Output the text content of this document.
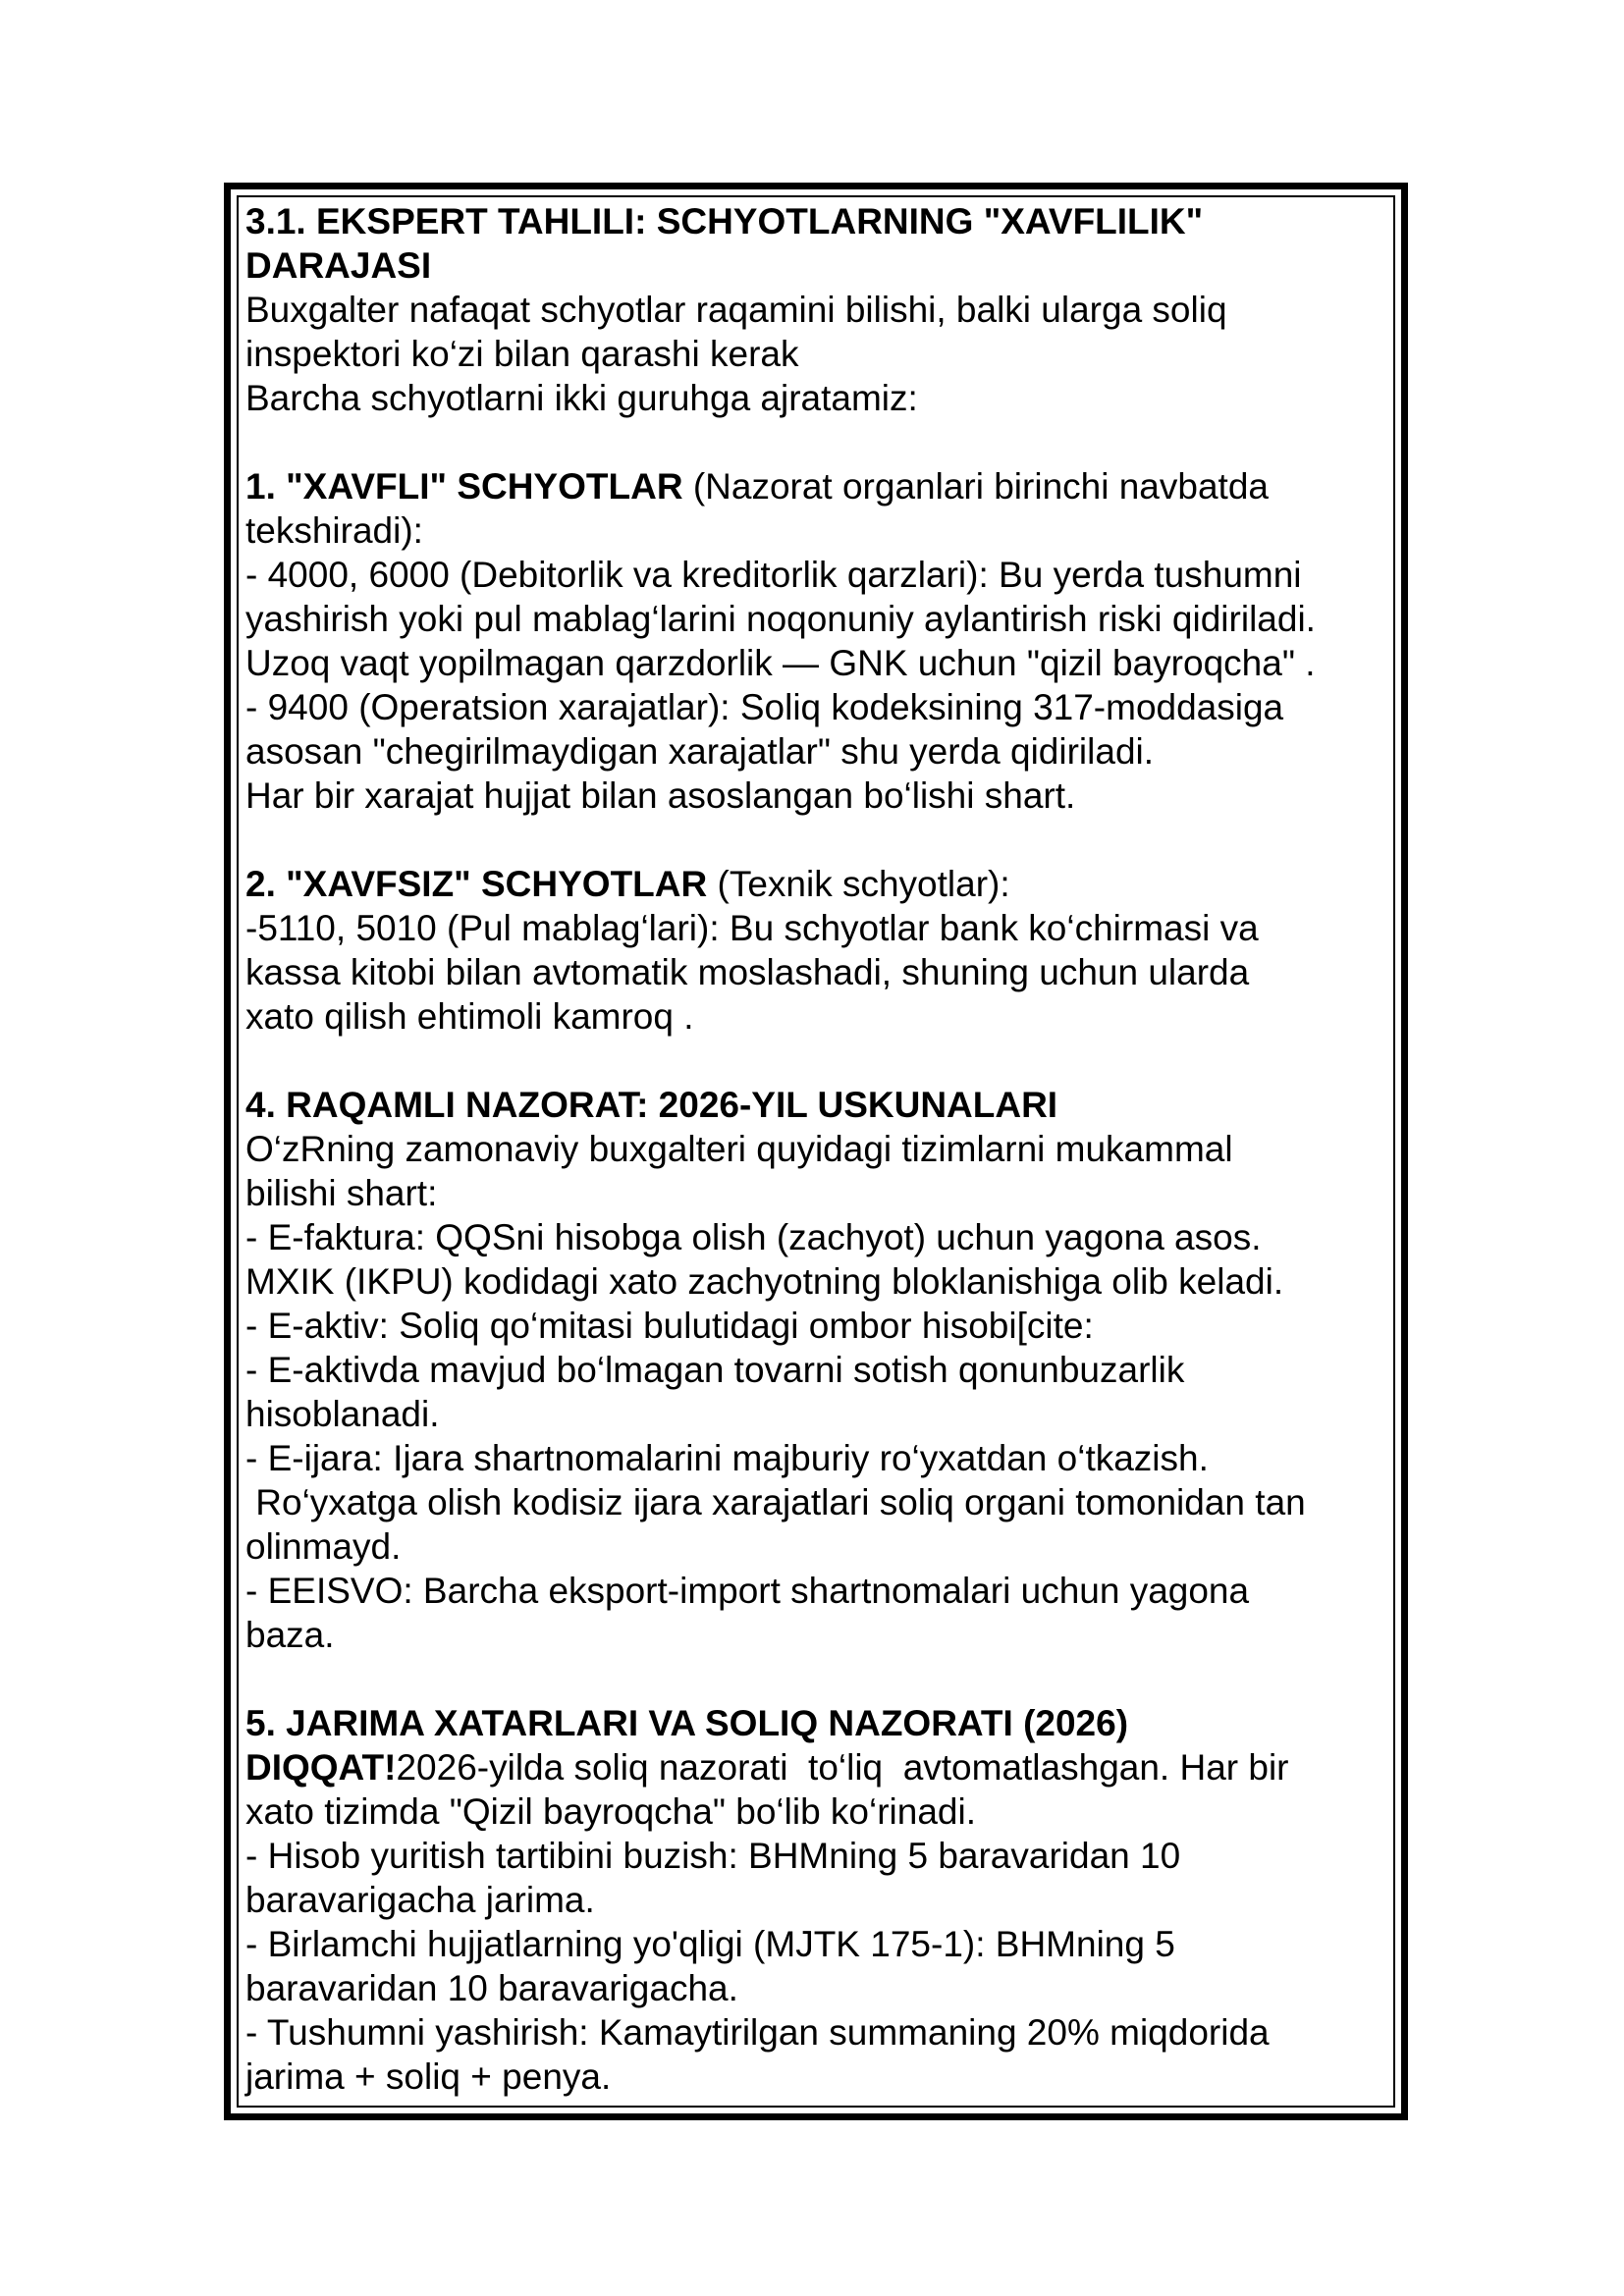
3.1. EKSPERT TAHLILI: SCHYOTLARNING "XAVFLILIK"
DARAJASI
Buxgalter nafaqat schyotlar raqamini bilishi, balki ularga soliq
inspektori ko‘zi bilan qarashi kerak
Barcha schyotlarni ikki guruhga ajratamiz:
1. "XAVFLI" SCHYOTLAR (Nazorat organlari birinchi navbatda
tekshiradi):
- 4000, 6000 (Debitorlik va kreditorlik qarzlari): Bu yerda tushumni
yashirish yoki pul mablag‘larini noqonuniy aylantirish riski qidiriladi.
Uzoq vaqt yopilmagan qarzdorlik — GNK uchun "qizil bayroqcha" .
- 9400 (Operatsion xarajatlar): Soliq kodeksining 317-moddasiga
asosan "chegirilmaydigan xarajatlar" shu yerda qidiriladi.
Har bir xarajat hujjat bilan asoslangan bo‘lishi shart.
2. "XAVFSIZ" SCHYOTLAR (Texnik schyotlar):
-5110, 5010 (Pul mablag‘lari): Bu schyotlar bank ko‘chirmasi va
kassa kitobi bilan avtomatik moslashadi, shuning uchun ularda
xato qilish ehtimoli kamroq .
4. RAQAMLI NAZORAT: 2026-YIL USKUNALARI
O‘zRning zamonaviy buxgalteri quyidagi tizimlarni mukammal
bilishi shart:
- E-faktura: QQSni hisobga olish (zachyot) uchun yagona asos.
MXIK (IKPU) kodidagi xato zachyotning bloklanishiga olib keladi.
- E-aktiv: Soliq qo‘mitasi bulutidagi ombor hisobi[cite:
- E-aktivda mavjud bo‘lmagan tovarni sotish qonunbuzarlik
hisoblanadi.
- E-ijara: Ijara shartnomalarini majburiy ro‘yxatdan o‘tkazish.
Ro‘yxatga olish kodisiz ijara xarajatlari soliq organi tomonidan tan
olinmayd.
- EEISVO: Barcha eksport-import shartnomalari uchun yagona
baza.
5. JARIMA XATARLARI VA SOLIQ NAZORATI (2026)
DIQQAT!2026-yilda soliq nazorati  to‘liq  avtomatlashgan. Har bir
xato tizimda "Qizil bayroqcha" bo‘lib ko‘rinadi.
- Hisob yuritish tartibini buzish: BHMning 5 baravaridan 10
baravarigacha jarima.
- Birlamchi hujjatlarning yo'qligi (MJTK 175-1): BHMning 5
baravaridan 10 baravarigacha.
- Tushumni yashirish: Kamaytirilgan summaning 20% miqdorida
jarima + soliq + penya.
